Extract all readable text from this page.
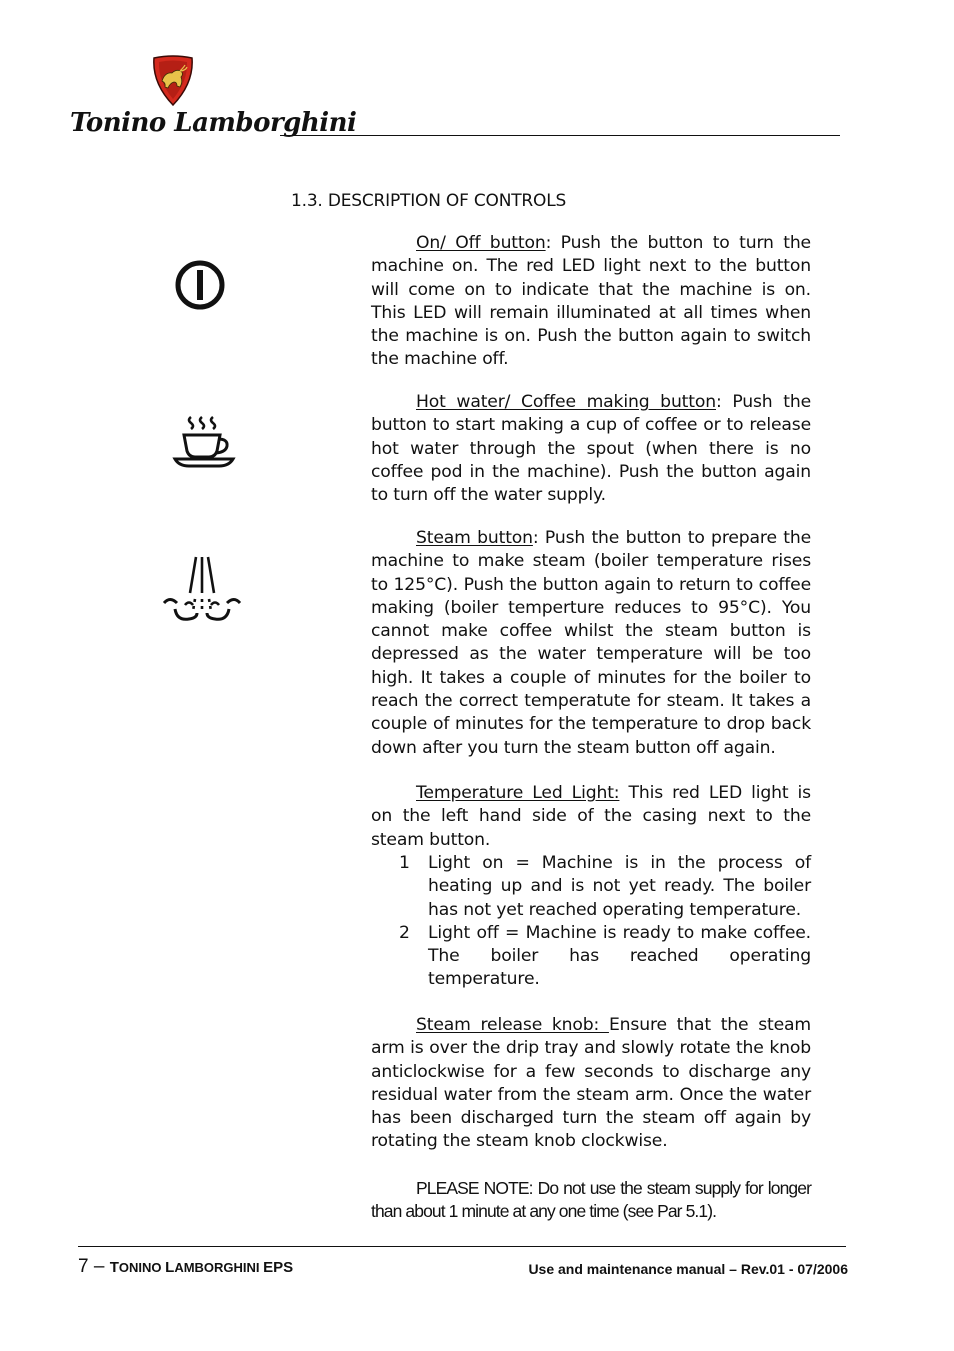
Tonino Lamborghini
1.3. DESCRIPTION OF CONTROLS
On/ Off button: Push the button to turn the machine on. The red LED light next to the button will come on to indicate that the machine is on. This LED will remain illuminated at all times when the machine is on. Push the button again to switch the machine off.
Hot water/ Coffee making button: Push the button to start making a cup of coffee or to release hot water through the spout (when there is no coffee pod in the machine). Push the button again to turn off the water supply.
Steam button: Push the button to prepare the machine to make steam (boiler temperature rises to 125°C). Push the button again to return to coffee making (boiler temperture reduces to 95°C). You cannot make coffee whilst the steam button is depressed as the water temperature will be too high. It takes a couple of minutes for the boiler to reach the correct temperatute for steam. It takes a couple of minutes for the temperature to drop back down after you turn the steam button off again.
Temperature Led Light: This red LED light is on the left hand side of the casing next to the steam button.
1	Light on = Machine is in the process of heating up and is not yet ready. The boiler has not yet reached operating temperature.
2	Light off = Machine is ready to make coffee. The boiler has reached operating temperature.
Steam release knob: Ensure that the steam arm is over the drip tray and slowly rotate the knob anticlockwise for a few seconds to discharge any residual water from the steam arm. Once the water has been discharged turn the steam off again by rotating the steam knob clockwise.
PLEASE NOTE: Do not use the steam supply for longer than about 1 minute at any one time (see Par 5.1).
7 – TONINO LAMBORGHINI EPS	Use and maintenance manual – Rev.01 - 07/2006
